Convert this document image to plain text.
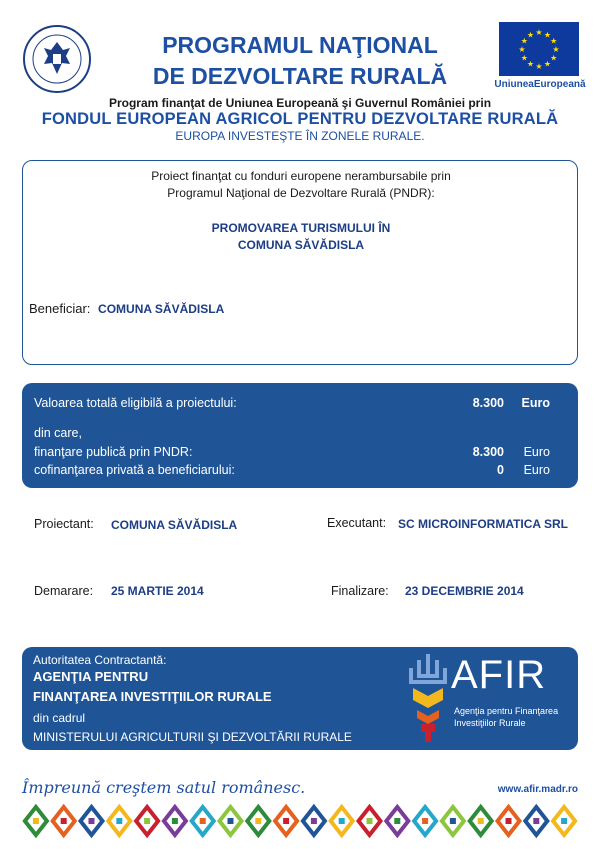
★ ★
★
★
★
★
★
★
★
★
★
★
UniuneaEuropeană
PROGRAMUL NAŢIONAL
DE DEZVOLTARE RURALĂ
Program finanţat de Uniunea Europeană şi Guvernul României prin
FONDUL EUROPEAN AGRICOL PENTRU DEZVOLTARE RURALĂ
EUROPA INVESTEŞTE ÎN ZONELE RURALE.
Proiect finanţat cu fonduri europene nerambursabile prin
Programul Naţional de Dezvoltare Rurală (PNDR):
PROMOVAREA TURISMULUI ÎN
COMUNA SĂVĂDISLA
Beneficiar: COMUNA SĂVĂDISLA
Valoarea totală eligibilă a proiectului:	8.300 Euro
din care,
finanţare publică prin PNDR:	8.300 Euro
cofinanţarea privată a beneficiarului:	0 Euro
Proiectant: COMUNA SĂVĂDISLA	Executant: SC MICROINFORMATICA SRL
Demarare: 25 MARTIE 2014	Finalizare: 23 DECEMBRIE 2014
Autoritatea Contractantă:
AGENŢIA PENTRU
FINANŢAREA INVESTIŢIILOR RURALE
din cadrul
MINISTERULUI AGRICULTURII ŞI DEZVOLTĂRII RURALE
AFIR
Agenţia pentru Finanţarea
Investiţiilor Rurale
Împreună creştem satul românesc.	www.afir.madr.ro
